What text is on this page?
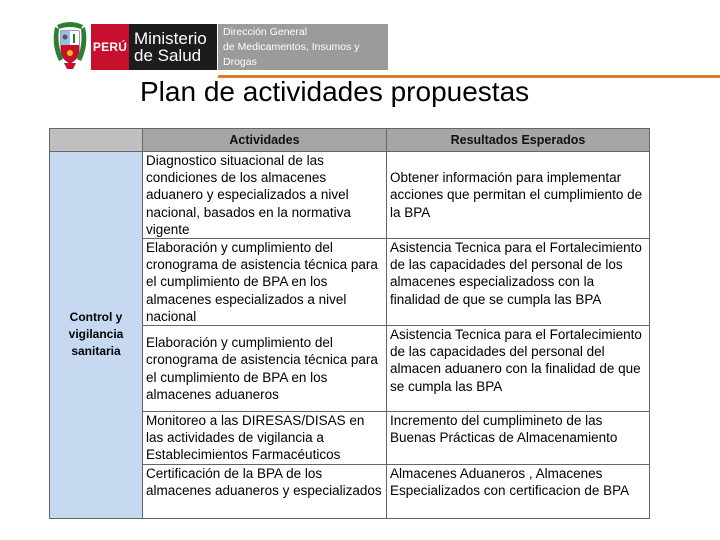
PERÚ Ministerio
de Salud
Dirección General
de Medicamentos, Insumos y Drogas
Plan de actividades propuestas
	Actividades	Resultados Esperados
Control y vigilancia sanitaria	Diagnostico situacional de las condiciones de los almacenes aduanero y especializados a nivel nacional, basados en la normativa vigente	Obtener información para implementar acciones que permitan el cumplimiento de la BPA
	Elaboración y cumplimiento del cronograma de asistencia técnica para el cumplimiento de BPA en los almacenes especializados a nivel nacional	Asistencia Tecnica para el Fortalecimiento de las capacidades del personal de los almacenes especializadoss con la finalidad de que se cumpla las BPA
	Elaboración y cumplimiento del cronograma de asistencia técnica para el cumplimiento de BPA en los almacenes aduaneros	Asistencia Tecnica para el Fortalecimiento de las capacidades del personal del almacen aduanero con la finalidad de que se cumpla las BPA
	Monitoreo a las DIRESAS/DISAS en las actividades de vigilancia a Establecimientos Farmacéuticos	Incremento del cumplimineto de las Buenas Prácticas de Almacenamiento
	Certificación de la BPA de los almacenes aduaneros y especializados	Almacenes Aduaneros , Almacenes Especializados con certificacion de BPA
